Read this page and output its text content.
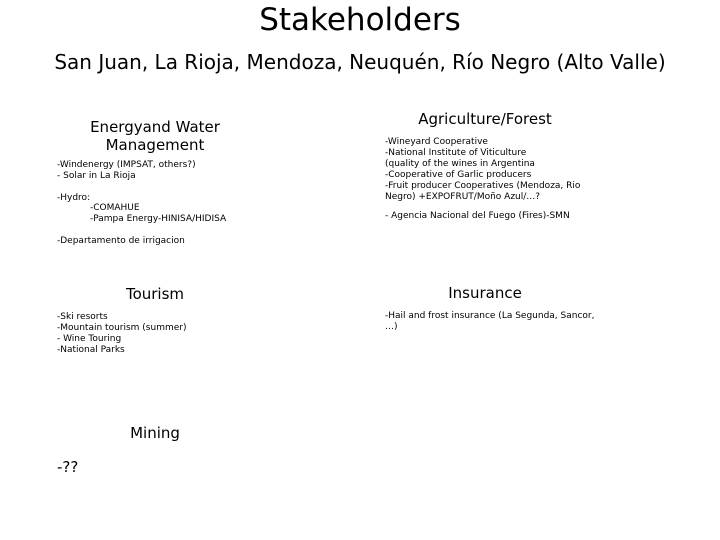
Stakeholders
San Juan, La Rioja, Mendoza, Neuquén, Río Negro (Alto Valle)
Energyand Water
Management
-Windenergy (IMPSAT, others?)
- Solar in La Rioja
-Hydro:
-COMAHUE
-Pampa Energy-HINISA/HIDISA
-Departamento de irrigacion
Agriculture/Forest
-Wineyard Cooperative
-National Institute of Viticulture
(quality of the wines in Argentina
-Cooperative of Garlic producers
-Fruit producer Cooperatives (Mendoza, Rio
Negro) +EXPOFRUT/Moño Azul/…?
- Agencia Nacional del Fuego (Fires)-SMN
Tourism
-Ski resorts
-Mountain tourism (summer)
- Wine Touring
-National Parks
Insurance
-Hail and frost insurance (La Segunda, Sancor,
…)
Mining
-??
